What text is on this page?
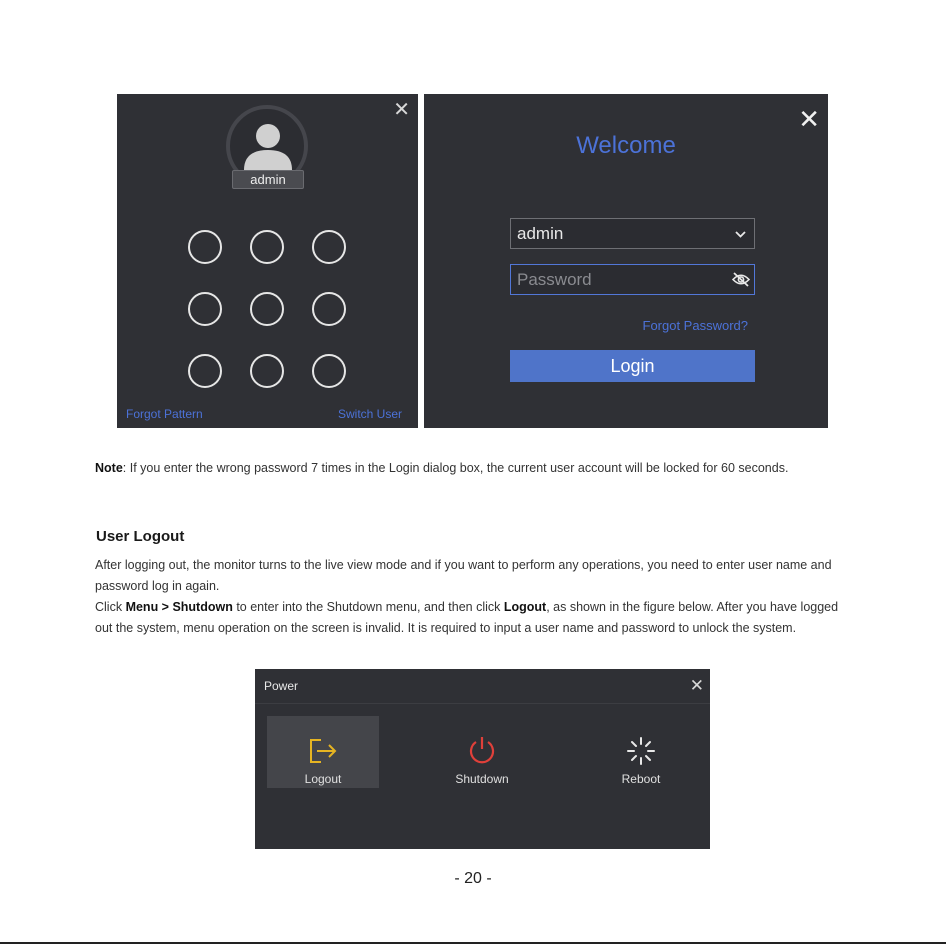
✕
admin
Forgot Pattern	Switch User
✕
Welcome
admin
Password
Forgot Password?
Login
Note: If you enter the wrong password 7 times in the Login dialog box, the current user account will be locked for 60 seconds.
User Logout
After logging out, the monitor turns to the live view mode and if you want to perform any operations, you need to enter user name and password log in again.
Click Menu > Shutdown to enter into the Shutdown menu, and then click Logout, as shown in the figure below. After you have logged out the system, menu operation on the screen is invalid. It is required to input a user name and password to unlock the system.
Power	✕
Logout	Shutdown	Reboot
- 20 -
